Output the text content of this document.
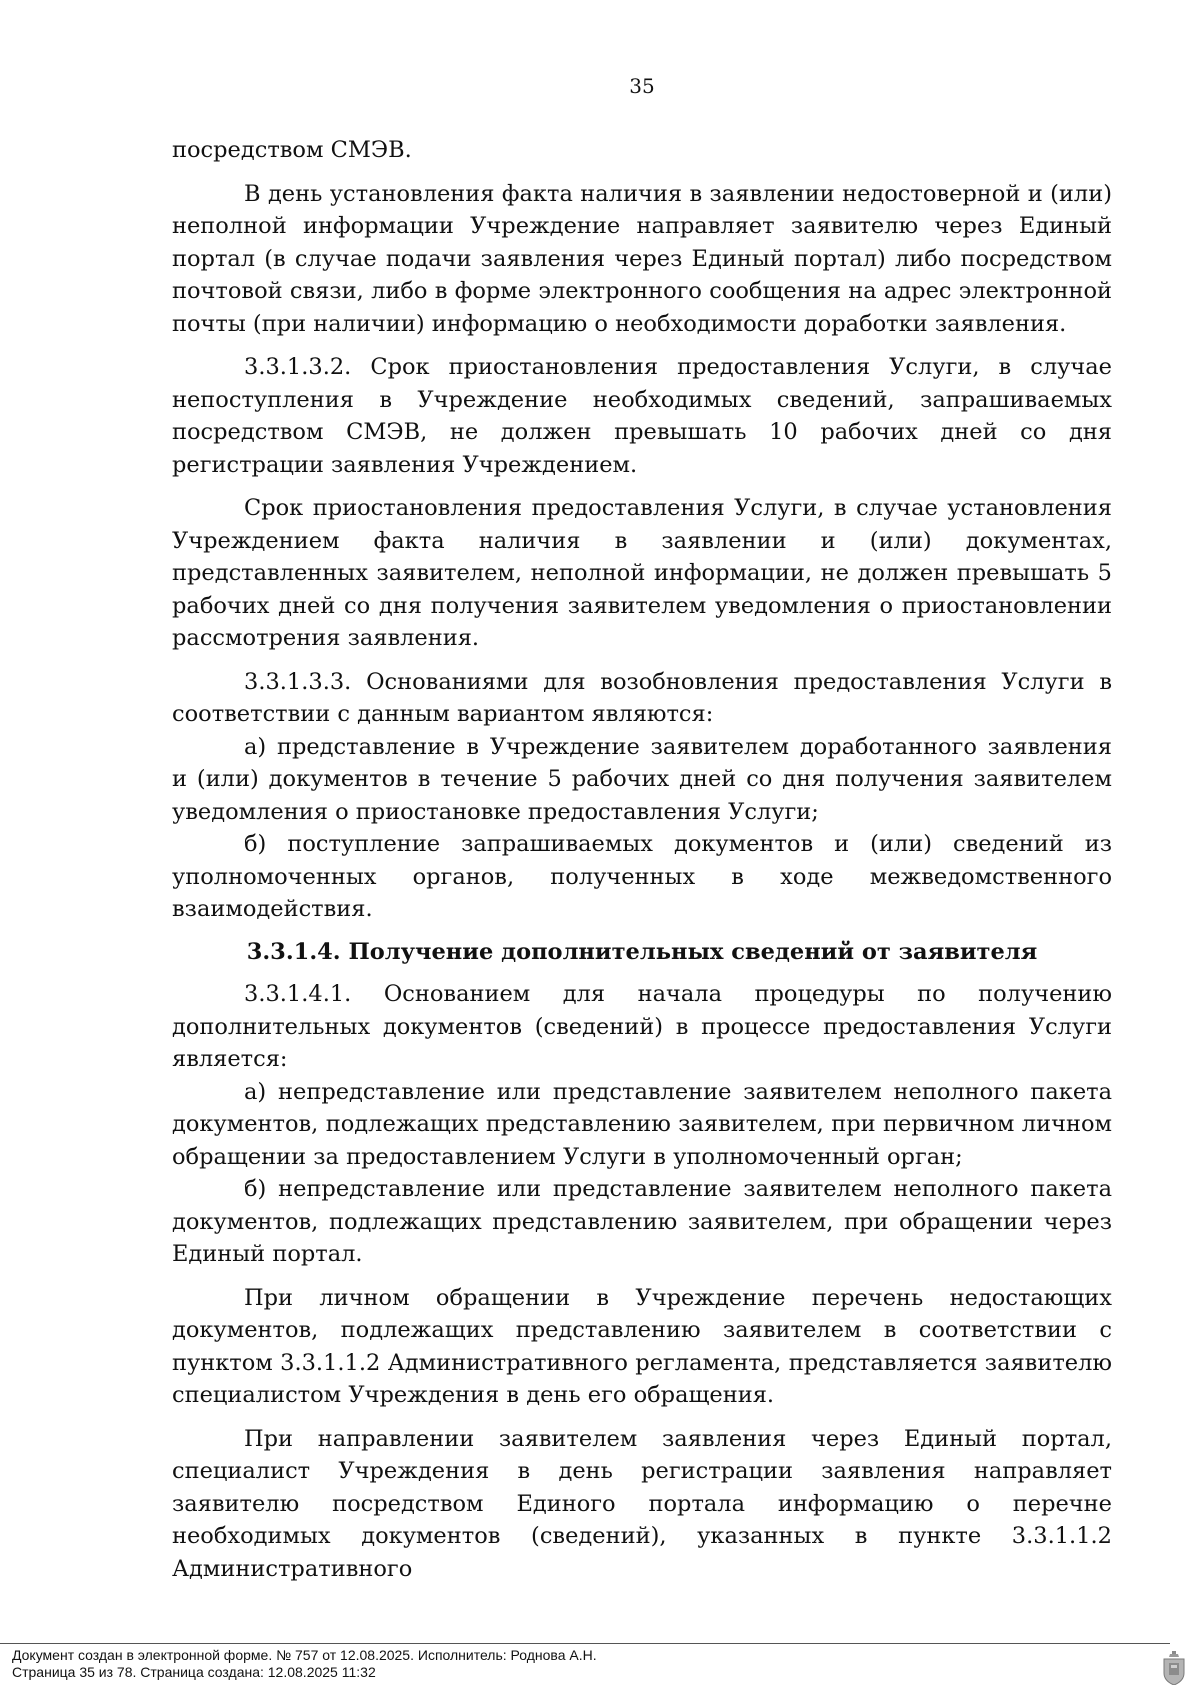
35

посредством СМЭВ.

В день установления факта наличия в заявлении недостоверной и (или) неполной информации Учреждение направляет заявителю через Единый портал (в случае подачи заявления через Единый портал) либо посредством почтовой связи, либо в форме электронного сообщения на адрес электронной почты (при наличии) информацию о необходимости доработки заявления.

3.3.1.3.2. Срок приостановления предоставления Услуги, в случае непоступления в Учреждение необходимых сведений, запрашиваемых посредством СМЭВ, не должен превышать 10 рабочих дней со дня регистрации заявления Учреждением.

Срок приостановления предоставления Услуги, в случае установления Учреждением факта наличия в заявлении и (или) документах, представленных заявителем, неполной информации, не должен превышать 5 рабочих дней со дня получения заявителем уведомления о приостановлении рассмотрения заявления.

3.3.1.3.3. Основаниями для возобновления предоставления Услуги в соответствии с данным вариантом являются:

а) представление в Учреждение заявителем доработанного заявления и (или) документов в течение 5 рабочих дней со дня получения заявителем уведомления о приостановке предоставления Услуги;

б) поступление запрашиваемых документов и (или) сведений из уполномоченных органов, полученных в ходе межведомственного взаимодействия.

3.3.1.4. Получение дополнительных сведений от заявителя

3.3.1.4.1. Основанием для начала процедуры по получению дополнительных документов (сведений) в процессе предоставления Услуги является:

а) непредставление или представление заявителем неполного пакета документов, подлежащих представлению заявителем, при первичном личном обращении за предоставлением Услуги в уполномоченный орган;

б) непредставление или представление заявителем неполного пакета документов, подлежащих представлению заявителем, при обращении через Единый портал.

При личном обращении в Учреждение перечень недостающих документов, подлежащих представлению заявителем в соответствии с пунктом 3.3.1.1.2 Административного регламента, представляется заявителю специалистом Учреждения в день его обращения.

При направлении заявителем заявления через Единый портал, специалист Учреждения в день регистрации заявления направляет заявителю посредством Единого портала информацию о перечне необходимых документов (сведений), указанных в пункте 3.3.1.1.2 Административного

Документ создан в электронной форме. № 757 от 12.08.2025. Исполнитель: Роднова А.Н.
Страница 35 из 78. Страница создана: 12.08.2025 11:32
